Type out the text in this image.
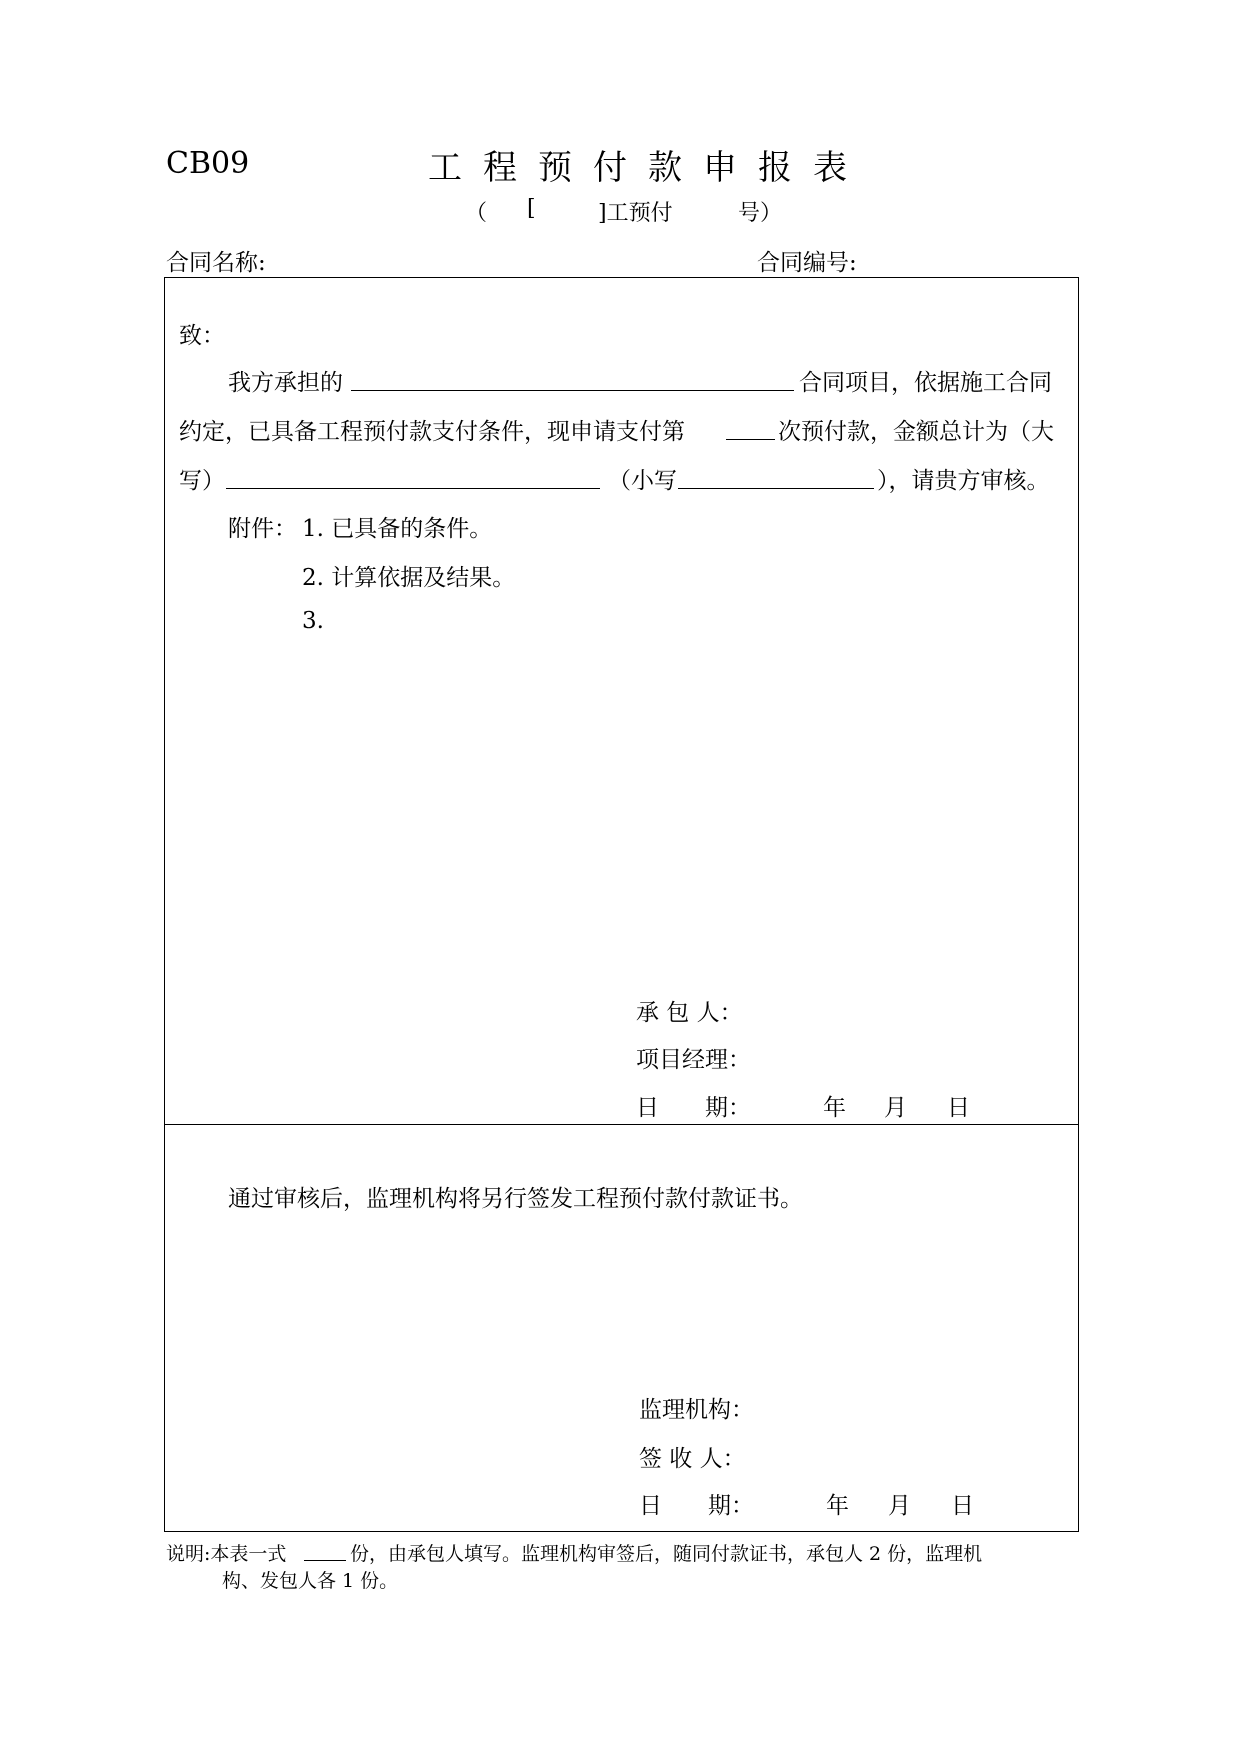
CB09	工程预付款申报表
（ [	]工预付	号）
合同名称:	合同编号:
致：
我方承担的	合同项目，依据施工合同
约定，已具备工程预付款支付条件，现申请支付第	次预付款，金额总计为（大
写）	（小写	），请贵方审核。
附件： 1. 已具备的条件。
2. 计算依据及结果。
3.
承 包 人：
项目经理：
日　　期：	年 月 日
通过审核后，监理机构将另行签发工程预付款付款证书。
监理机构：
签 收 人：
日　　期：	年 月 日
说明:本表一式	份，由承包人填写。监理机构审签后，随同付款证书，承包人 2 份，监理机
构、发包人各 1 份。
